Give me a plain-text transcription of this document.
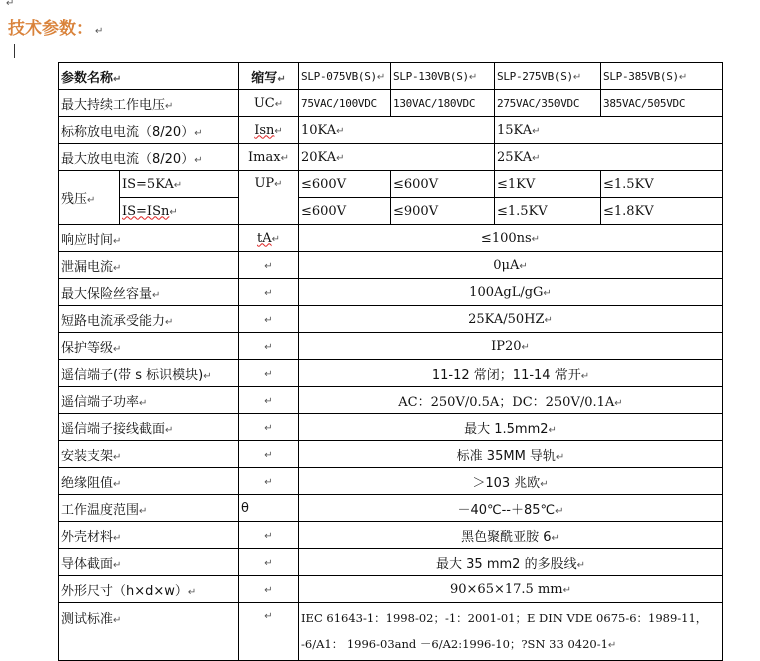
↵
技术参数： ↵
参数名称↵		缩写↵	SLP-075VB(S)↵	SLP-130VB(S)↵	SLP-275VB(S)↵	SLP-385VB(S)↵
最大持续工作电压↵		UC↵	75VAC/100VDC	130VAC/180VDC	275VAC/350VDC	385VAC/505VDC
标称放电电流（8/20）↵		Isn↵	10KA↵		15KA↵	
最大放电电流（8/20）↵		Imax↵	20KA↵		25KA↵	
残压↵	IS=5KA↵	UP↵	≤600V	≤600V	≤1KV	≤1.5KV
	IS=ISn↵		≤600V	≤900V	≤1.5KV	≤1.8KV
响应时间↵		tA↵	≤100ns↵			
泄漏电流↵		↵	0μA↵			
最大保险丝容量↵		↵	100AgL/gG↵			
短路电流承受能力↵		↵	25KA/50HZ↵			
保护等级↵		↵	IP20↵			
遥信端子(带 s 标识模块)↵		↵	11-12 常闭；11-14 常开↵			
遥信端子功率↵		↵	AC：250V/0.5A；DC：250V/0.1A↵			
遥信端子接线截面↵		↵	最大 1.5mm2↵			
安装支架↵		↵	标准 35MM 导轨↵			
绝缘阻值↵		↵	＞103 兆欧↵			
工作温度范围↵		θ	－40℃--＋85℃↵			
外壳材料↵		↵	黑色聚酰亚胺 6↵			
导体截面↵		↵	最大 35 mm2 的多股线↵			
外形尺寸（h×d×w）↵		↵	90×65×17.5 mm↵			
测试标准↵		↵	IEC 61643-1：1998-02；-1：2001-01；E DIN VDE 0675-6：1989-11，
-6/A1： 1996-03and －6/A2:1996-10；?SN 33 0420-1↵			
